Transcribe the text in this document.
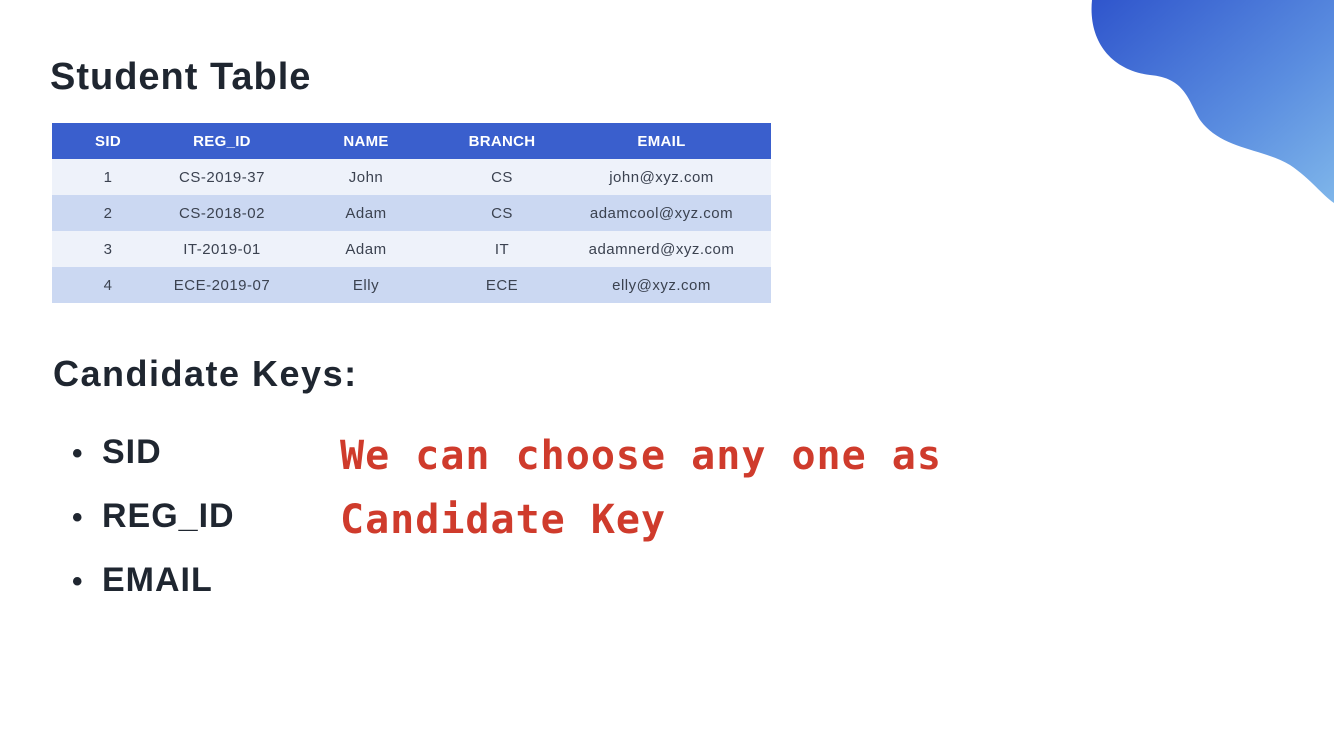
Student Table
SID	REG_ID	NAME	BRANCH	EMAIL
1	CS-2019-37	John	CS	john@xyz.com
2	CS-2018-02	Adam	CS	adamcool@xyz.com
3	IT-2019-01	Adam	IT	adamnerd@xyz.com
4	ECE-2019-07	Elly	ECE	elly@xyz.com
Candidate Keys:
• SID
• REG_ID
• EMAIL
We can choose any one as
Candidate Key
